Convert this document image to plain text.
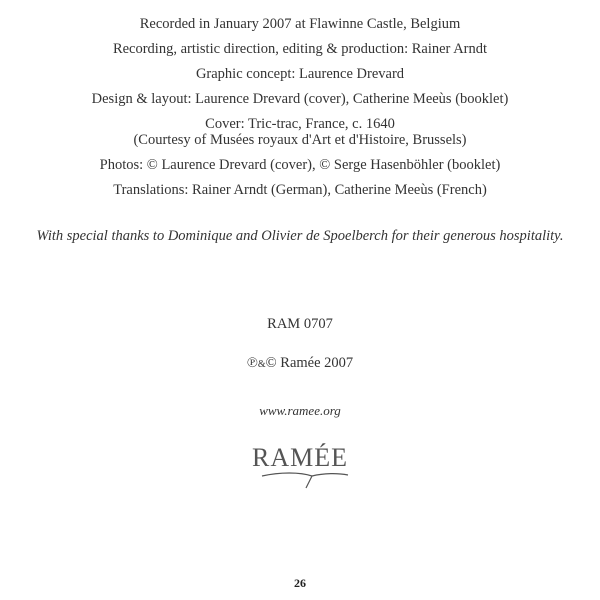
Recorded in January 2007 at Flawinne Castle, Belgium
Recording, artistic direction, editing & production: Rainer Arndt
Graphic concept: Laurence Drevard
Design & layout: Laurence Drevard (cover), Catherine Meeùs (booklet)
Cover: Tric-trac, France, c. 1640
(Courtesy of Musées royaux d'Art et d'Histoire, Brussels)
Photos: © Laurence Drevard (cover), © Serge Hasenböhler (booklet)
Translations: Rainer Arndt (German), Catherine Meeùs (French)
With special thanks to Dominique and Olivier de Spoelberch for their generous hospitality.
RAM 0707
℗&© Ramée 2007
www.ramee.org
RAMÉE
26
